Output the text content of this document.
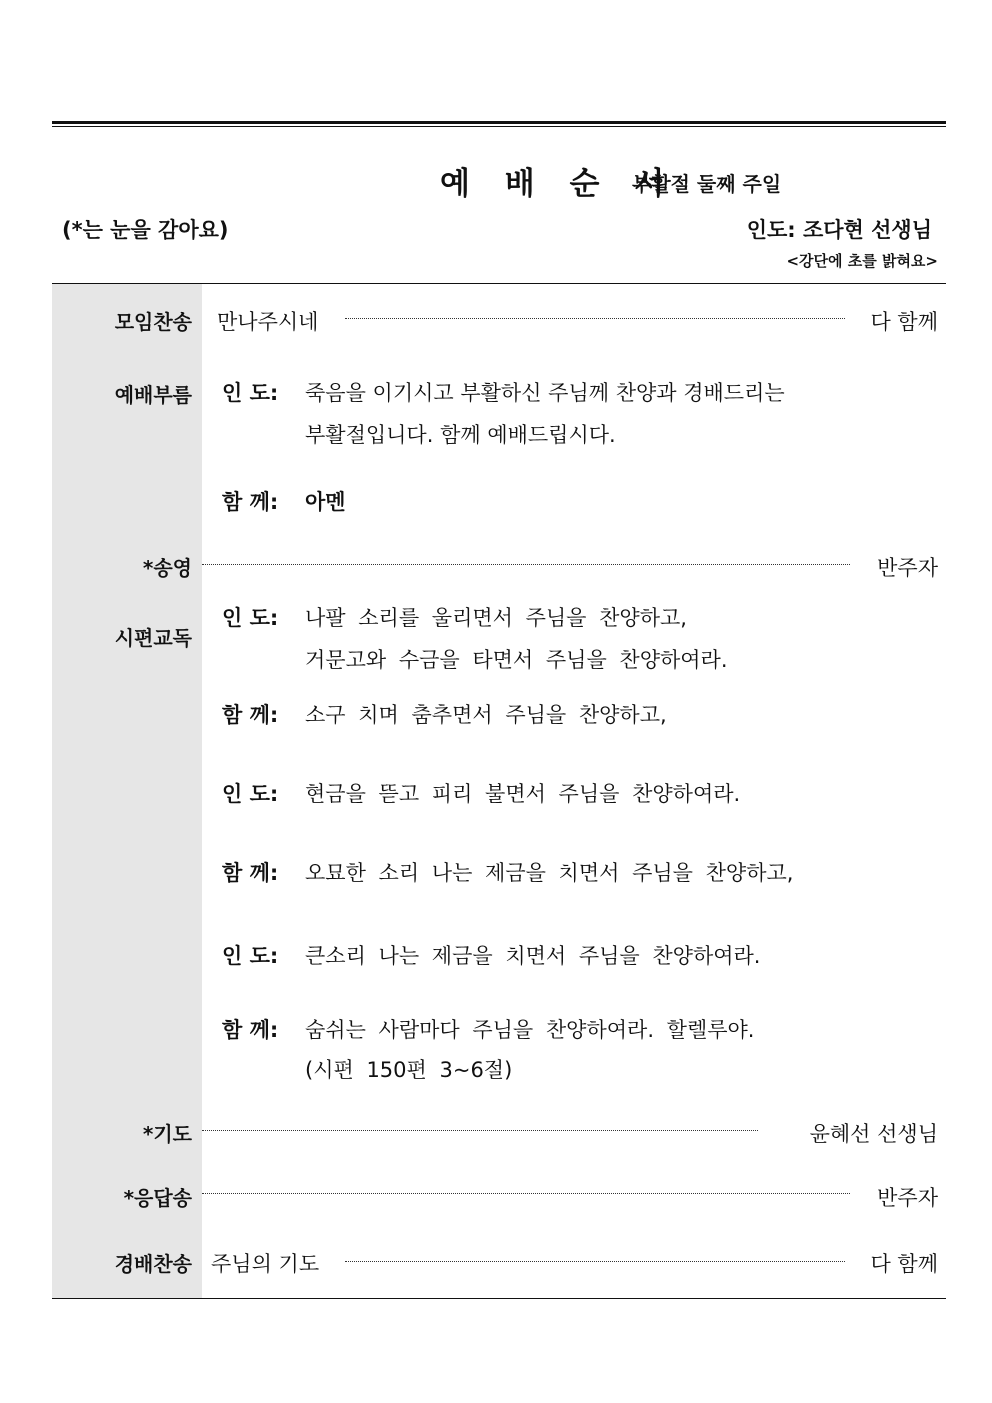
예 배 순 서
부활절 둘째 주일
(*는 눈을 감아요)	인도: 조다현 선생님
<강단에 초를 밝혀요>
모임찬송 만나주시네	다 함께
예배부름 인 도: 죽음을 이기시고 부활하신 주님께 찬양과 경배드리는
부활절입니다. 함께 예배드립시다.
함 께: 아멘
*송영	반주자
시편교독
인 도: 나팔 소리를 울리면서 주님을 찬양하고,
거문고와 수금을 타면서 주님을 찬양하여라.
함 께: 소구 치며 춤추면서 주님을 찬양하고,
인 도: 현금을 뜯고 피리 불면서 주님을 찬양하여라.
함 께: 오묘한 소리 나는 제금을 치면서 주님을 찬양하고,
인 도: 큰소리 나는 제금을 치면서 주님을 찬양하여라.
함 께: 숨쉬는 사람마다 주님을 찬양하여라. 할렐루야.
(시편 150편 3~6절)
*기도	윤혜선 선생님
*응답송	반주자
경배찬송 주님의 기도	다 함께
